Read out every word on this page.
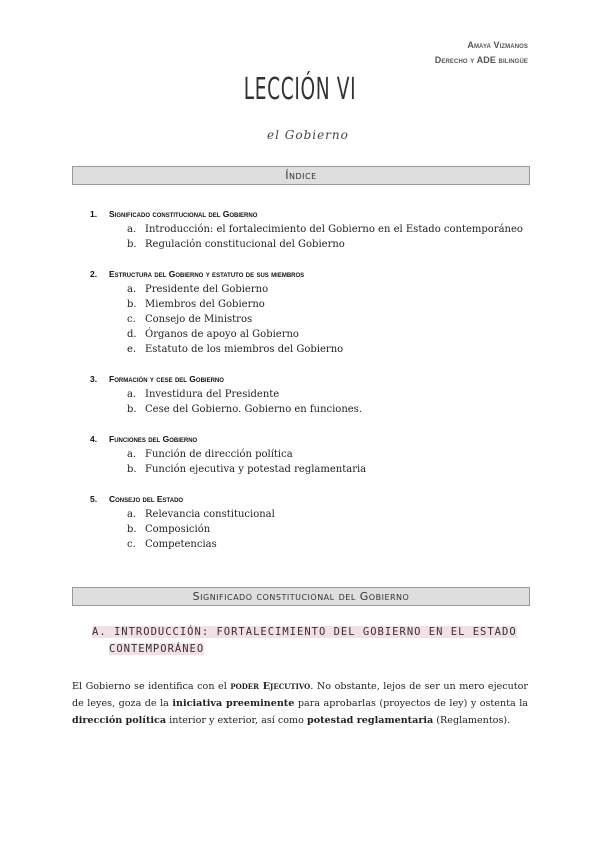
Amaya Vizmanos
Derecho y ADE bilingüe
LECCIÓN VI
el Gobierno
Índice
1. Significado constitucional del Gobierno
a. Introducción: el fortalecimiento del Gobierno en el Estado contemporáneo
b. Regulación constitucional del Gobierno
2. Estructura del Gobierno y estatuto de sus miembros
a. Presidente del Gobierno
b. Miembros del Gobierno
c. Consejo de Ministros
d. Órganos de apoyo al Gobierno
e. Estatuto de los miembros del Gobierno
3. Formación y cese del Gobierno
a. Investidura del Presidente
b. Cese del Gobierno. Gobierno en funciones.
4. Funciones del Gobierno
a. Función de dirección política
b. Función ejecutiva y potestad reglamentaria
5. Consejo del Estado
a. Relevancia constitucional
b. Composición
c. Competencias
Significado constitucional del Gobierno
A. INTRODUCCIÓN: FORTALECIMIENTO DEL GOBIERNO EN EL ESTADO
CONTEMPORÁNEO
El Gobierno se identifica con el poder Ejecutivo. No obstante, lejos de ser un mero ejecutor de leyes, goza de la iniciativa preeminente para aprobarlas (proyectos de ley) y ostenta la dirección política interior y exterior, así como potestad reglamentaria (Reglamentos).
